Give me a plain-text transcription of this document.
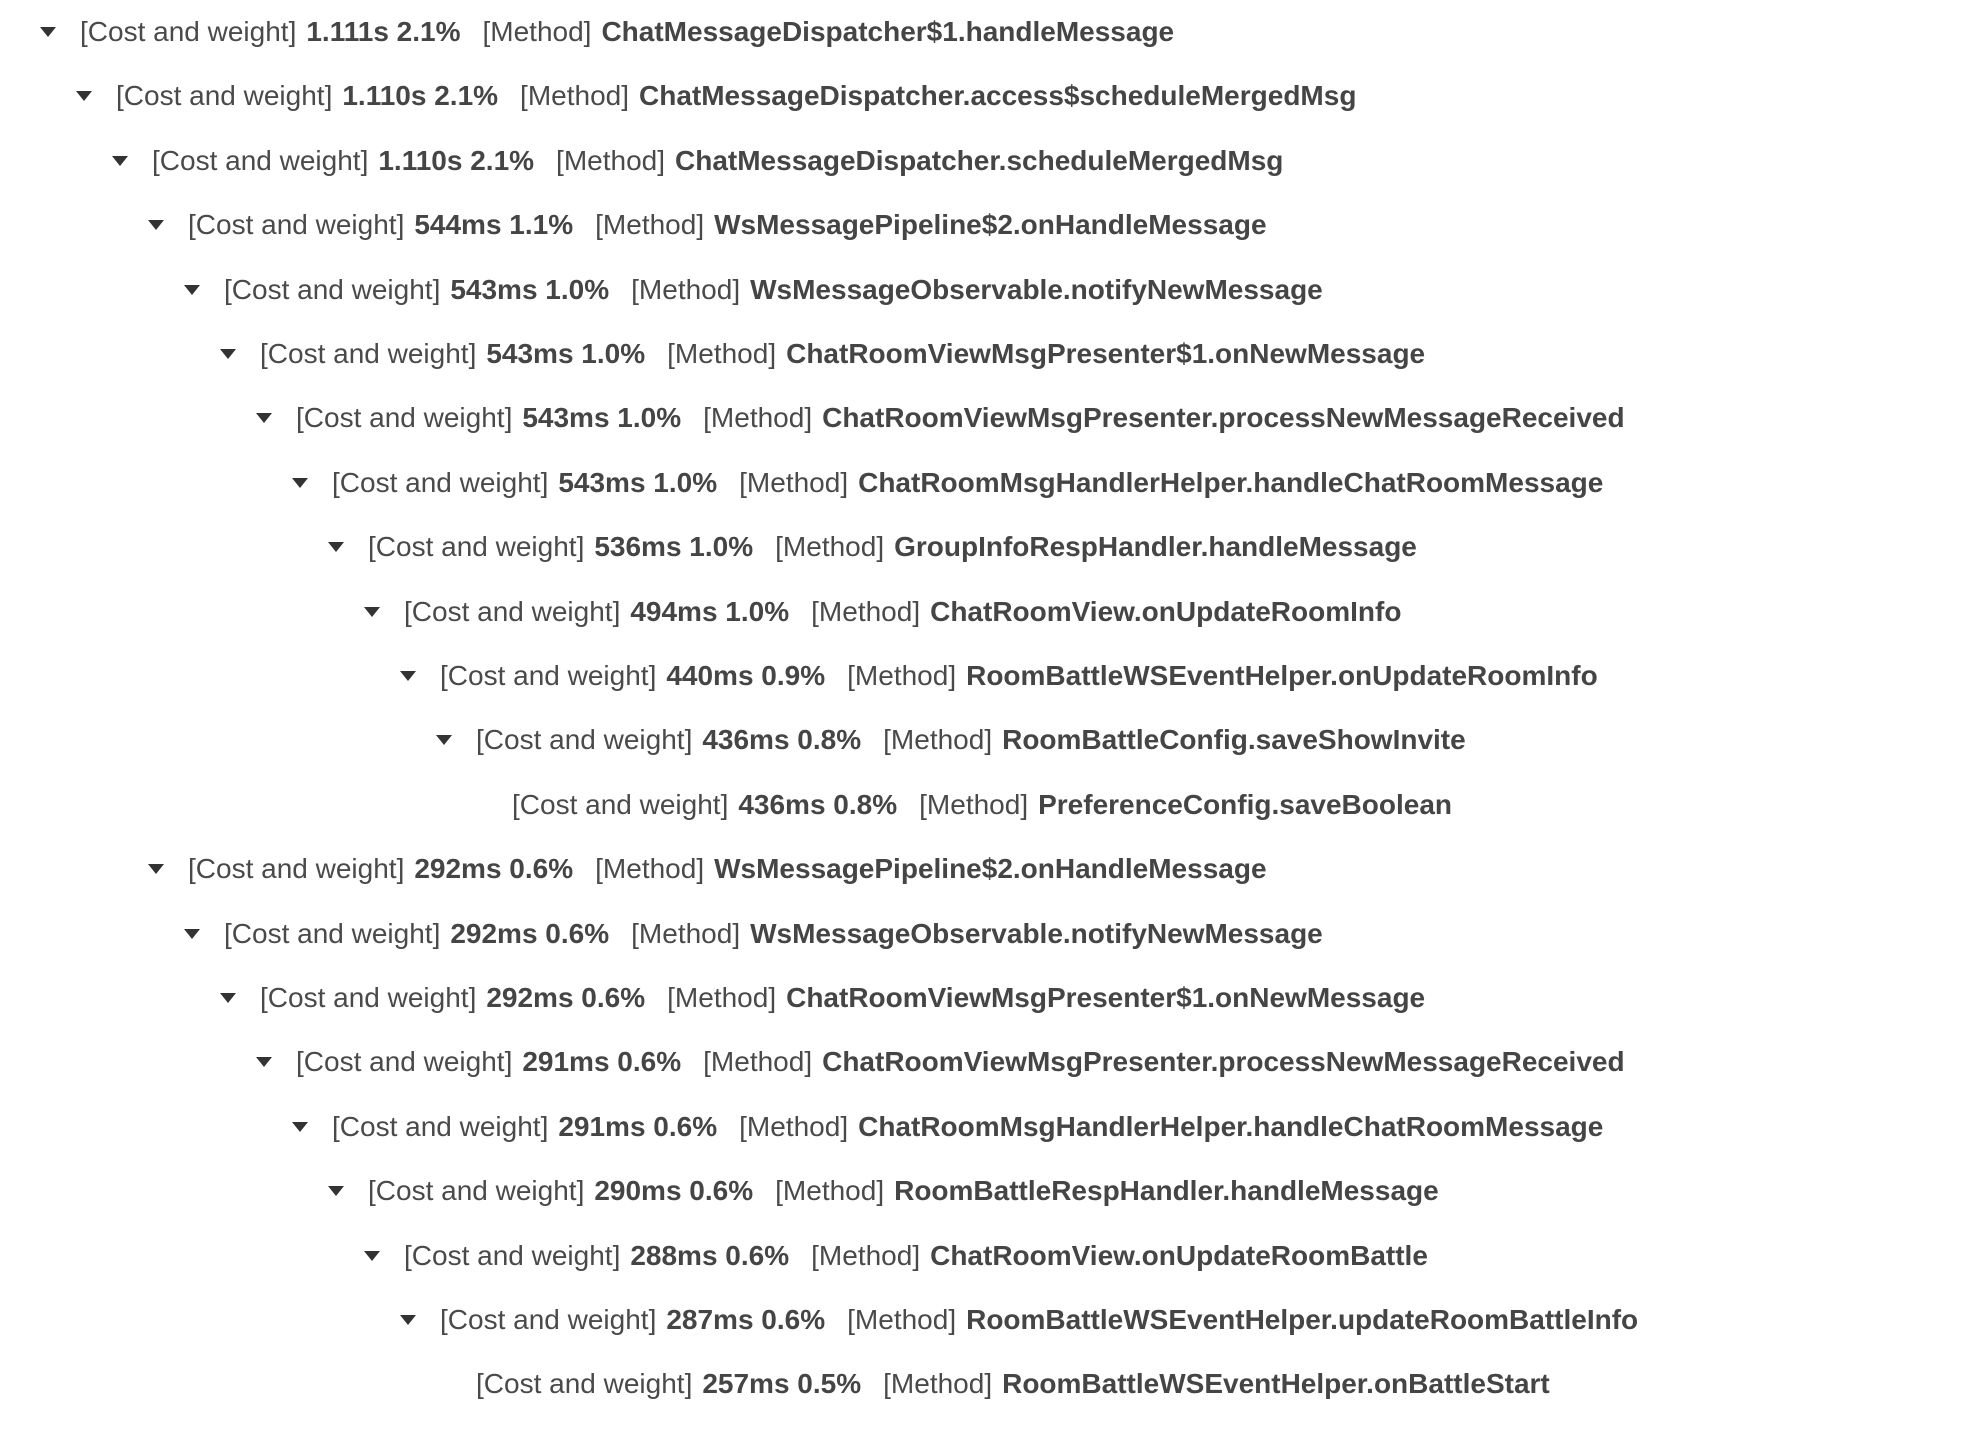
[Cost and weight] 1.111s 2.1% [Method] ChatMessageDispatcher$1.handleMessage
[Cost and weight] 1.110s 2.1% [Method] ChatMessageDispatcher.access$scheduleMergedMsg
[Cost and weight] 1.110s 2.1% [Method] ChatMessageDispatcher.scheduleMergedMsg
[Cost and weight] 544ms 1.1% [Method] WsMessagePipeline$2.onHandleMessage
[Cost and weight] 543ms 1.0% [Method] WsMessageObservable.notifyNewMessage
[Cost and weight] 543ms 1.0% [Method] ChatRoomViewMsgPresenter$1.onNewMessage
[Cost and weight] 543ms 1.0% [Method] ChatRoomViewMsgPresenter.processNewMessageReceived
[Cost and weight] 543ms 1.0% [Method] ChatRoomMsgHandlerHelper.handleChatRoomMessage
[Cost and weight] 536ms 1.0% [Method] GroupInfoRespHandler.handleMessage
[Cost and weight] 494ms 1.0% [Method] ChatRoomView.onUpdateRoomInfo
[Cost and weight] 440ms 0.9% [Method] RoomBattleWSEventHelper.onUpdateRoomInfo
[Cost and weight] 436ms 0.8% [Method] RoomBattleConfig.saveShowInvite
[Cost and weight] 436ms 0.8% [Method] PreferenceConfig.saveBoolean
[Cost and weight] 292ms 0.6% [Method] WsMessagePipeline$2.onHandleMessage
[Cost and weight] 292ms 0.6% [Method] WsMessageObservable.notifyNewMessage
[Cost and weight] 292ms 0.6% [Method] ChatRoomViewMsgPresenter$1.onNewMessage
[Cost and weight] 291ms 0.6% [Method] ChatRoomViewMsgPresenter.processNewMessageReceived
[Cost and weight] 291ms 0.6% [Method] ChatRoomMsgHandlerHelper.handleChatRoomMessage
[Cost and weight] 290ms 0.6% [Method] RoomBattleRespHandler.handleMessage
[Cost and weight] 288ms 0.6% [Method] ChatRoomView.onUpdateRoomBattle
[Cost and weight] 287ms 0.6% [Method] RoomBattleWSEventHelper.updateRoomBattleInfo
[Cost and weight] 257ms 0.5% [Method] RoomBattleWSEventHelper.onBattleStart
